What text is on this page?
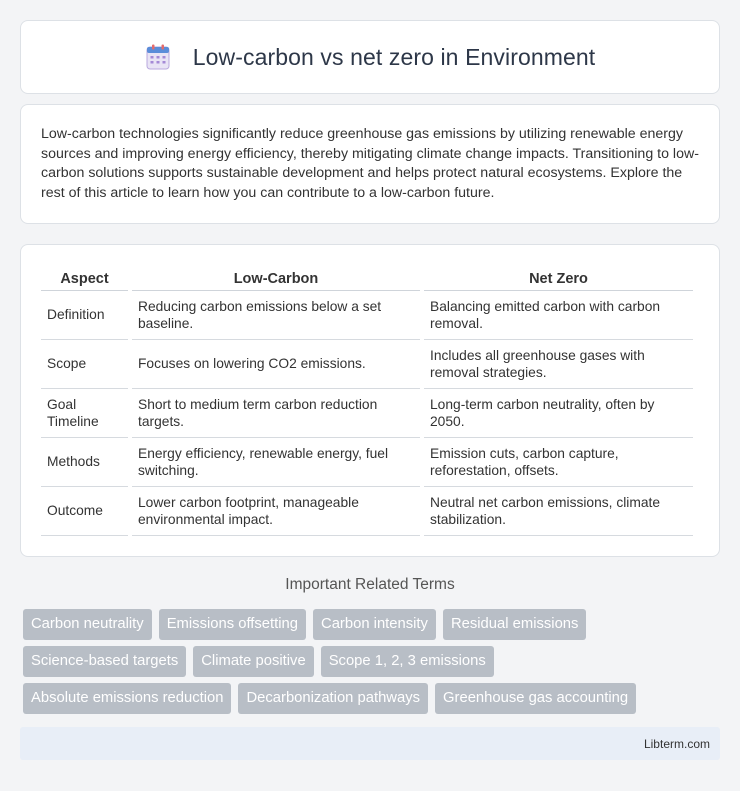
Low-carbon vs net zero in Environment

Low-carbon technologies significantly reduce greenhouse gas emissions by utilizing renewable energy sources and improving energy efficiency, thereby mitigating climate change impacts. Transitioning to low-carbon solutions supports sustainable development and helps protect natural ecosystems. Explore the rest of this article to learn how you can contribute to a low-carbon future.

Aspect	Low-Carbon	Net Zero
Definition	Reducing carbon emissions below a set baseline.	Balancing emitted carbon with carbon removal.
Scope	Focuses on lowering CO2 emissions.	Includes all greenhouse gases with removal strategies.
Goal Timeline	Short to medium term carbon reduction targets.	Long-term carbon neutrality, often by 2050.
Methods	Energy efficiency, renewable energy, fuel switching.	Emission cuts, carbon capture, reforestation, offsets.
Outcome	Lower carbon footprint, manageable environmental impact.	Neutral net carbon emissions, climate stabilization.
Important Related Terms
Carbon neutrality	Emissions offsetting	Carbon intensity	Residual emissions
Science-based targets	Climate positive	Scope 1, 2, 3 emissions
Absolute emissions reduction	Decarbonization pathways	Greenhouse gas accounting
Libterm.com
